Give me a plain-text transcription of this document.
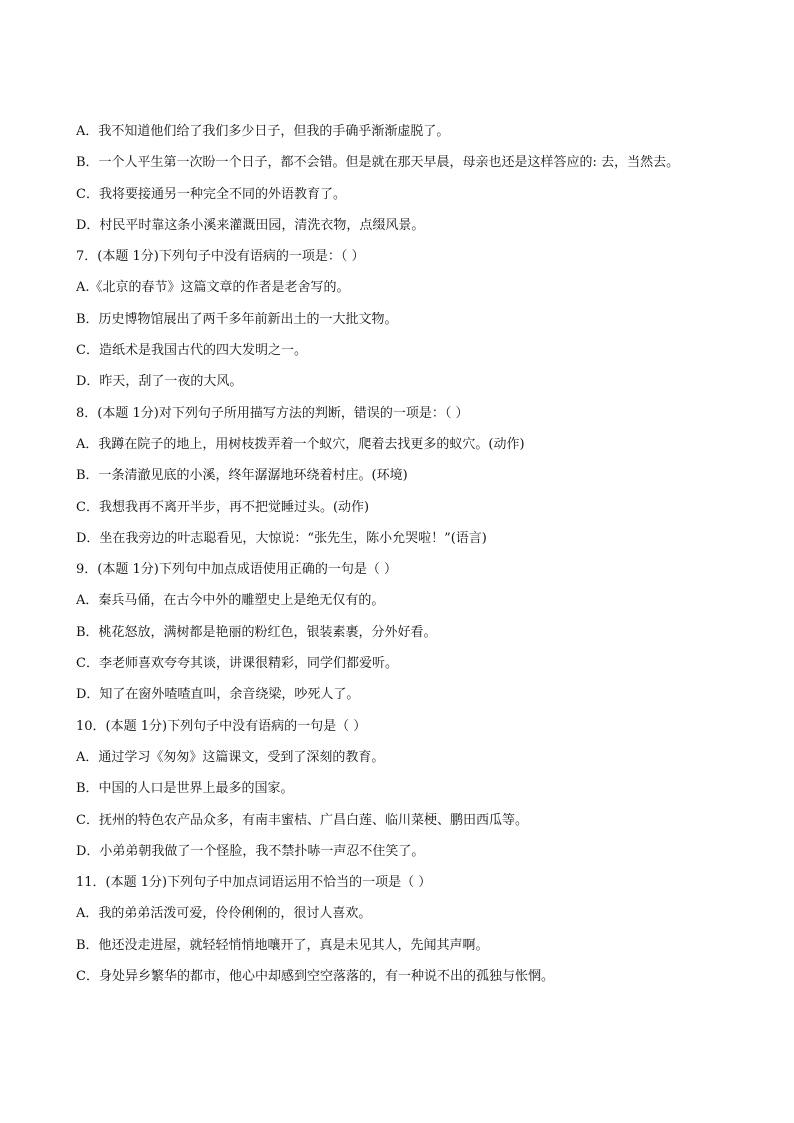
A．我不知道他们给了我们多少日子，但我的手确乎渐渐虚脱了。
B．一个人平生第一次盼一个日子，都不会错。但是就在那天早晨，母亲也还是这样答应的: 去，当然去。
C．我将要接通另一种完全不同的外语教育了。
D．村民平时靠这条小溪来灌溉田园，清洗衣物，点缀风景。
7．(本题 1分)下列句子中没有语病的一项是：（ ）
A.《北京的春节》这篇文章的作者是老舍写的。
B．历史博物馆展出了两千多年前新出土的一大批文物。
C．造纸术是我国古代的四大发明之一。
D．昨天，刮了一夜的大风。
8．(本题 1分)对下列句子所用描写方法的判断，错误的一项是：（ ）
A．我蹲在院子的地上，用树枝拨弄着一个蚁穴，爬着去找更多的蚁穴。(动作)
B．一条清澈见底的小溪，终年潺潺地环绕着村庄。(环境)
C．我想我再不离开半步，再不把觉睡过头。(动作)
D．坐在我旁边的叶志聪看见，大惊说：“张先生，陈小允哭啦！”(语言)
9．(本题 1分)下列句中加点成语使用正确的一句是（ ）
A．秦兵马俑，在古今中外的雕塑史上是绝无仅有的。
B．桃花怒放，满树都是艳丽的粉红色，银装素裹，分外好看。
C．李老师喜欢夸夸其谈，讲课很精彩，同学们都爱听。
D．知了在窗外喳喳直叫，余音绕梁，吵死人了。
10．(本题 1分)下列句子中没有语病的一句是（ ）
A．通过学习《匆匆》这篇课文，受到了深刻的教育。
B．中国的人口是世界上最多的国家。
C．抚州的特色农产品众多，有南丰蜜桔、广昌白莲、临川菜梗、鹏田西瓜等。
D．小弟弟朝我做了一个怪脸，我不禁扑哧一声忍不住笑了。
11．(本题 1分)下列句子中加点词语运用不恰当的一项是（ ）
A．我的弟弟活泼可爱，伶伶俐俐的，很讨人喜欢。
B．他还没走进屋，就轻轻悄悄地嚷开了，真是未见其人，先闻其声啊。
C．身处异乡繁华的都市，他心中却感到空空落落的，有一种说不出的孤独与怅惘。
